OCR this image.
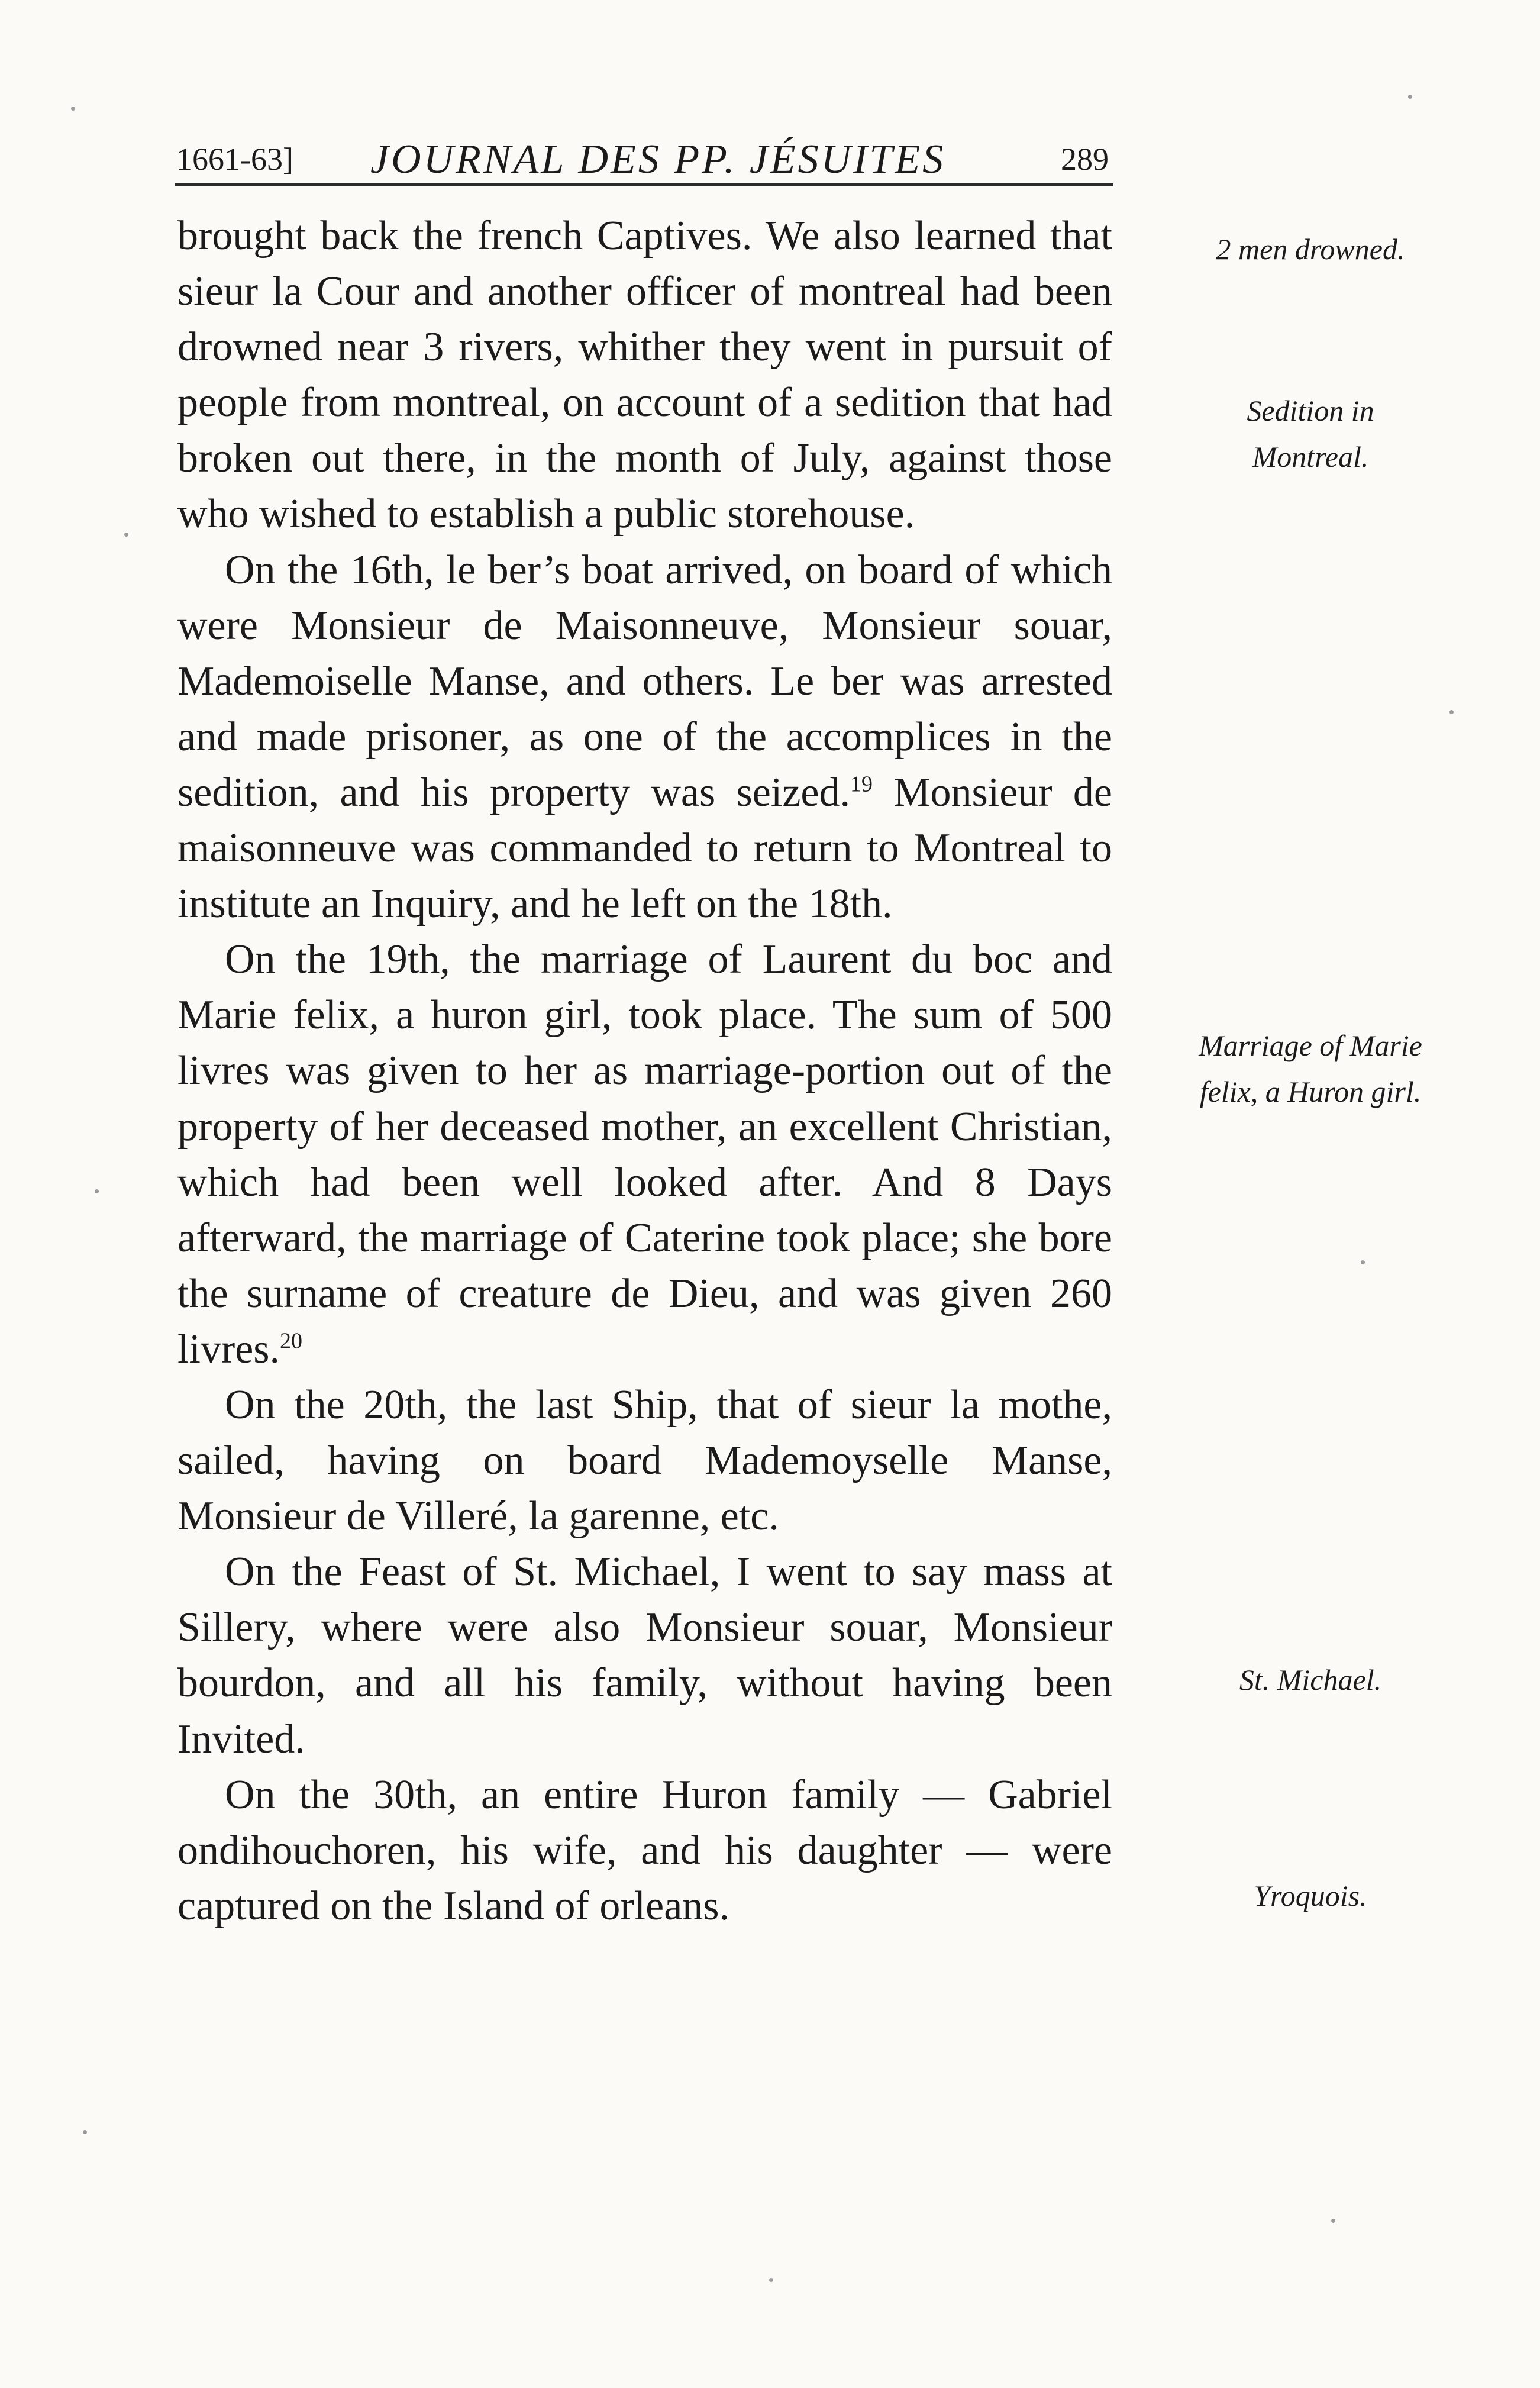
1661-63] JOURNAL DES PP. JÉSUITES	289

brought back the french Captives. We also learned that sieur la Cour and another officer of montreal had been drowned near 3 rivers, whither they went in pursuit of people from montreal, on account of a sedition that had broken out there, in the month of July, against those who wished to establish a public storehouse.

On the 16th, le ber’s boat arrived, on board of which were Monsieur de Maisonneuve, Monsieur souar, Mademoiselle Manse, and others. Le ber was arrested and made prisoner, as one of the accomplices in the sedition, and his property was seized.$^{19}$ Monsieur de maisonneuve was commanded to return to Montreal to institute an Inquiry, and he left on the 18th.

On the 19th, the marriage of Laurent du boc and Marie felix, a huron girl, took place. The sum of 500 livres was given to her as marriage-portion out of the property of her deceased mother, an excellent Christian, which had been well looked after. And 8 Days afterward, the marriage of Caterine took place; she bore the surname of creature de Dieu, and was given 260 livres.$^{20}$

On the 20th, the last Ship, that of sieur la mothe, sailed, having on board Mademoyselle Manse, Monsieur de Villeré, la garenne, etc.

On the Feast of St. Michael, I went to say mass at Sillery, where were also Monsieur souar, Monsieur bourdon, and all his family, without having been Invited.

On the 30th, an entire Huron family — Gabriel ondihouchoren, his wife, and his daughter — were captured on the Island of orleans.

2 men drowned.
Sedition in
Montreal.
Marriage of Marie
felix, a Huron girl.
St. Michael.
Yroquois.
